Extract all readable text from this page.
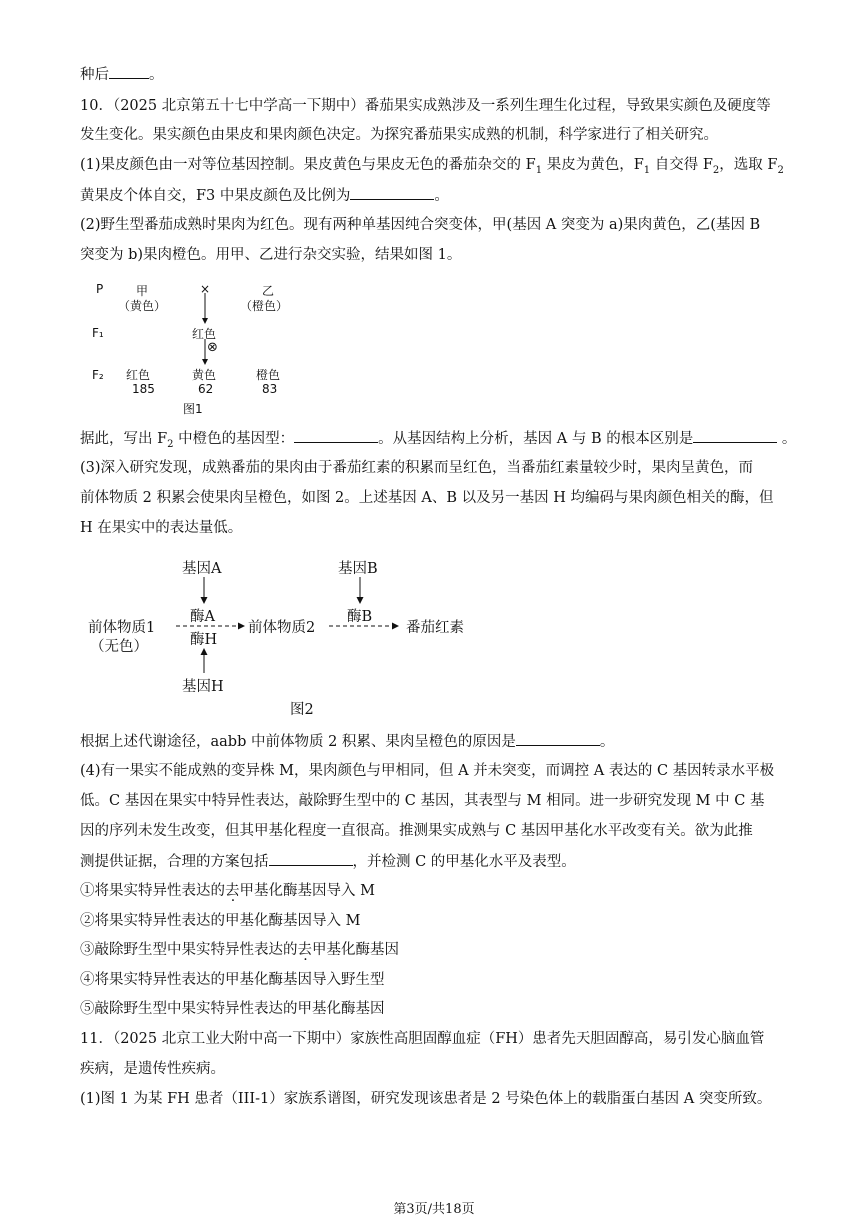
种后	。
10．（2025 北京第五十七中学高一下期中）番茄果实成熟涉及一系列生理生化过程，导致果实颜色及硬度等
发生变化。果实颜色由果皮和果肉颜色决定。为探究番茄果实成熟的机制，科学家进行了相关研究。
(1)果皮颜色由一对等位基因控制。果皮黄色与果皮无色的番茄杂交的 $F_1$ 果皮为黄色，$F_1$ 自交得 $F_2$，选取 $F_2$
黄果皮个体自交，F3 中果皮颜色及比例为	。
(2)野生型番茄成熟时果肉为红色。现有两种单基因纯合突变体，甲(基因 A 突变为 a)果肉黄色，乙(基因 B
突变为 b)果肉橙色。用甲、乙进行杂交实验，结果如图 1。
P	甲
（黄色）
×	乙
（橙色）
F₁	红色
⊗
F₂ 红色
185
黄色
62
橙色
83
图1
据此，写出 $F_2$ 中橙色的基因型：	。从基因结构上分析，基因 A 与 B 的根本区别是	。
(3)深入研究发现，成熟番茄的果肉由于番茄红素的积累而呈红色，当番茄红素量较少时，果肉呈黄色，而
前体物质 2 积累会使果肉呈橙色，如图 2。上述基因 A、B 以及另一基因 H 均编码与果肉颜色相关的酶，但
H 在果实中的表达量低。
基因A
酶A
酶H
基因H
前体物质1
（无色）
前体物质2
基因B
酶B
番茄红素
图2
根据上述代谢途径，aabb 中前体物质 2 积累、果肉呈橙色的原因是	。
(4)有一果实不能成熟的变异株 M，果肉颜色与甲相同，但 A 并未突变，而调控 A 表达的 C 基因转录水平极
低。C 基因在果实中特异性表达，敲除野生型中的 C 基因，其表型与 M 相同。进一步研究发现 M 中 C 基
因的序列未发生改变，但其甲基化程度一直很高。推测果实成熟与 C 基因甲基化水平改变有关。欲为此推
测提供证据，合理的方案包括	，并检测 C 的甲基化水平及表型。
①将果实特异性表达的去甲基化酶基因导入 M
②将果实特异性表达的甲基化酶基因导入 M
③敲除野生型中果实特异性表达的去甲基化酶基因
④将果实特异性表达的甲基化酶基因导入野生型
⑤敲除野生型中果实特异性表达的甲基化酶基因
11．（2025 北京工业大附中高一下期中）家族性高胆固醇血症（FH）患者先天胆固醇高，易引发心脑血管
疾病，是遗传性疾病。
(1)图 1 为某 FH 患者（III-1）家族系谱图，研究发现该患者是 2 号染色体上的载脂蛋白基因 A 突变所致。
第3页/共18页
